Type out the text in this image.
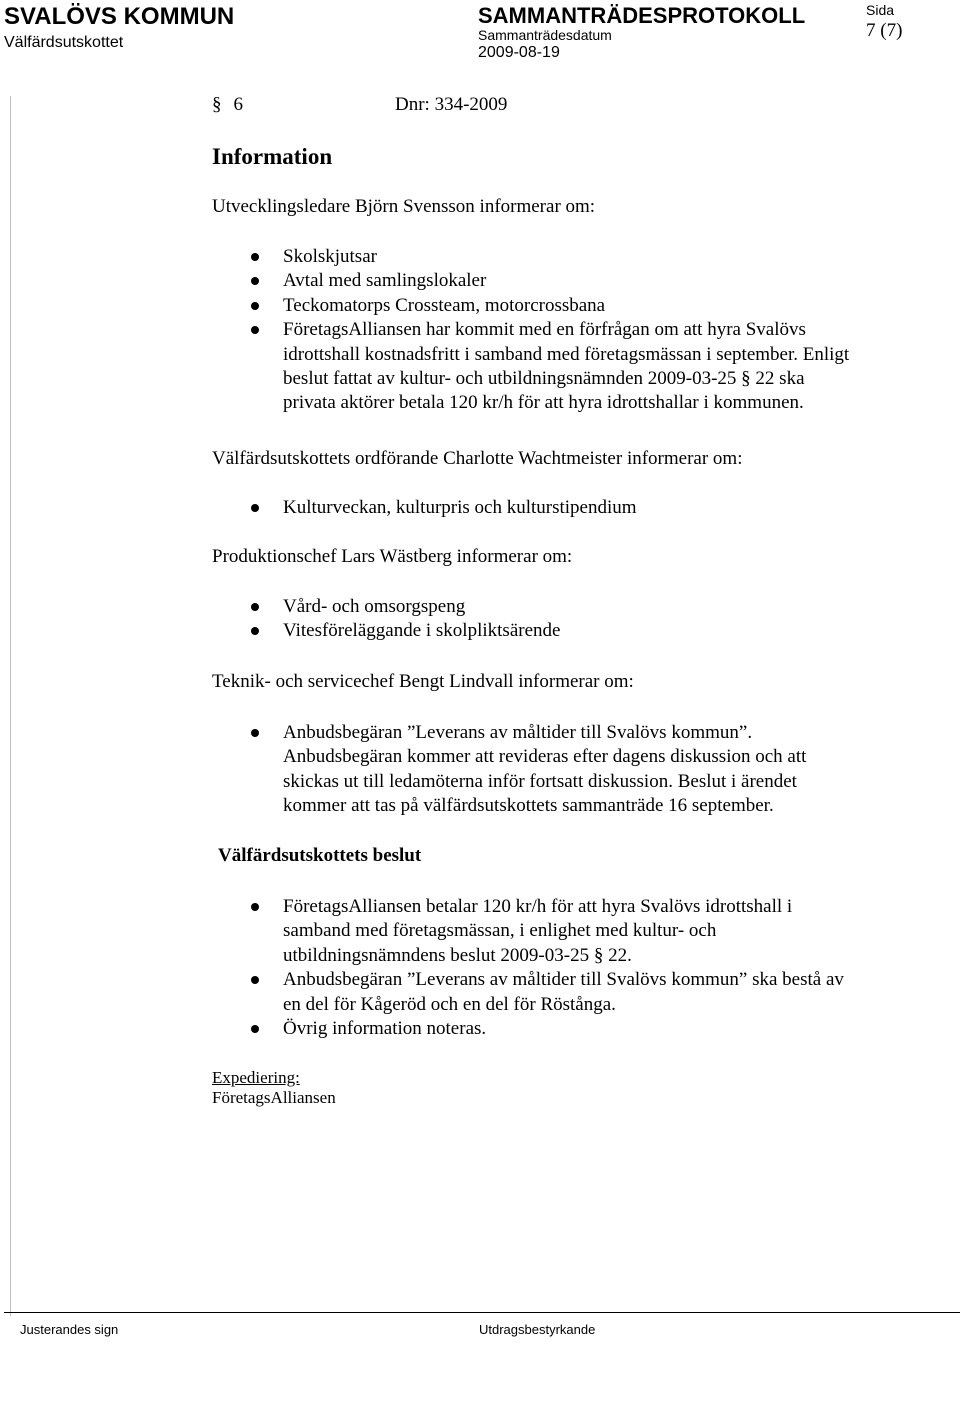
SVALÖVS KOMMUN
Välfärdsutskottet
SAMMANTRÄDESPROTOKOLL
Sammanträdesdatum
2009-08-19
Sida
7 (7)
§ 6	Dnr: 334-2009
Information
Utvecklingsledare Björn Svensson informerar om:
Skolskjutsar
Avtal med samlingslokaler
Teckomatorps Crossteam, motorcrossbana
FöretagsAlliansen har kommit med en förfrågan om att hyra Svalövs
idrottshall kostnadsfritt i samband med företagsmässan i september. Enligt
beslut fattat av kultur- och utbildningsnämnden 2009-03-25 § 22 ska
privata aktörer betala 120 kr/h för att hyra idrottshallar i kommunen.
Välfärdsutskottets ordförande Charlotte Wachtmeister informerar om:
Kulturveckan, kulturpris och kulturstipendium
Produktionschef Lars Wästberg informerar om:
Vård- och omsorgspeng
Vitesföreläggande i skolpliktsärende
Teknik- och servicechef Bengt Lindvall informerar om:
Anbudsbegäran ”Leverans av måltider till Svalövs kommun”.
Anbudsbegäran kommer att revideras efter dagens diskussion och att
skickas ut till ledamöterna inför fortsatt diskussion. Beslut i ärendet
kommer att tas på välfärdsutskottets sammanträde 16 september.
Välfärdsutskottets beslut
FöretagsAlliansen betalar 120 kr/h för att hyra Svalövs idrottshall i
samband med företagsmässan, i enlighet med kultur- och
utbildningsnämndens beslut 2009-03-25 § 22.
Anbudsbegäran ”Leverans av måltider till Svalövs kommun” ska bestå av
en del för Kågeröd och en del för Röstånga.
Övrig information noteras.
Expediering:
FöretagsAlliansen
Justerandes sign	Utdragsbestyrkande
